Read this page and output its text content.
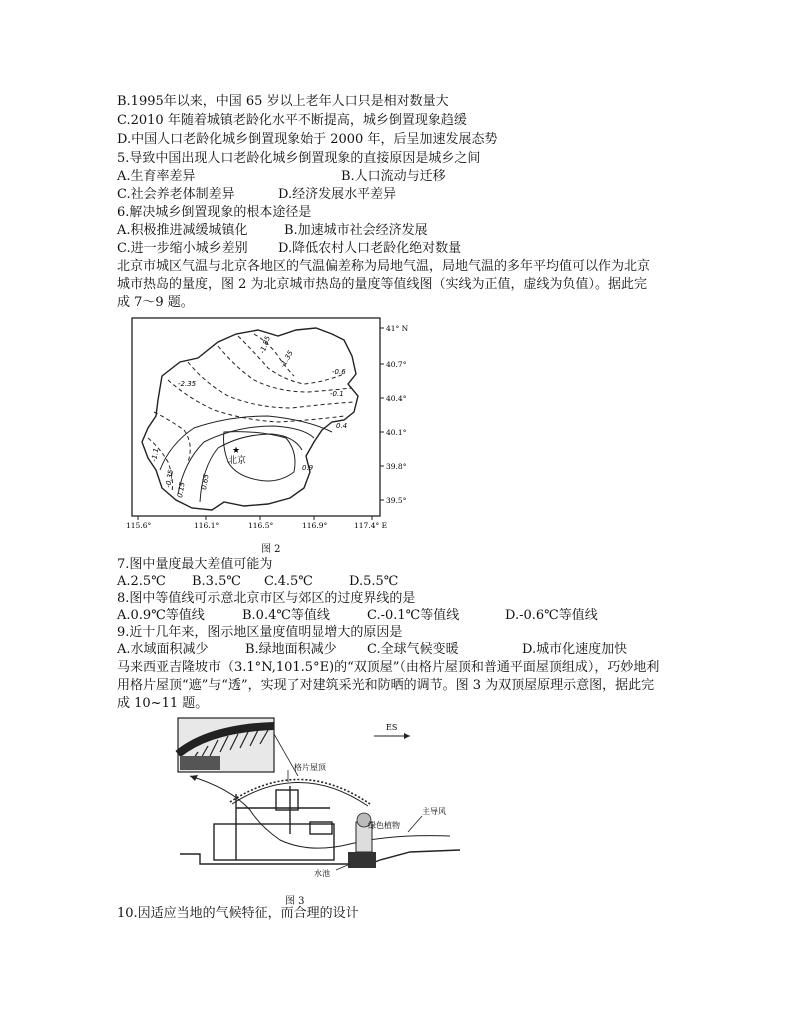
B.1995年以来，中国 65 岁以上老年人口只是相对数量大
C.2010 年随着城镇老龄化水平不断提高，城乡倒置现象趋缓
D.中国人口老龄化城乡倒置现象始于 2000 年，后呈加速发展态势
5.导致中国出现人口老龄化城乡倒置现象的直接原因是城乡之间
A.生育率差异	B.人口流动与迁移
C.社会养老体制差异	D.经济发展水平差异
6.解决城乡倒置现象的根本途径是
A.积极推进减缓城镇化	B.加速城市社会经济发展
C.进一步缩小城乡差别 D.降低农村人口老龄化绝对数量
北京市城区气温与北京各地区的气温偏差称为局地气温，局地气温的多年平均值可以作为北京
城市热岛的量度，图 2 为北京城市热岛的量度等值线图（实线为正值，虚线为负值）。据此完
成 7～9 题。
★
北京
-1.85
-1.35
-0.6
-2.35
-0.1
0.4
-1.1
-0.35
0.15 0.65
0.9
41° N
40.7°
40.4°
40.1°
39.8°
39.5°
115.6°	116.1°	116.5°	116.9°	117.4° E
图 2
7.图中量度最大差值可能为
A.2.5℃ B.3.5℃ C.4.5℃	D.5.5℃
8.图中等值线可示意北京市区与郊区的过度界线的是
A.0.9℃等值线	B.0.4℃等值线	C.-0.1℃等值线	D.-0.6℃等值线
9.近十几年来，图示地区量度值明显增大的原因是
A.水域面积减少	B.绿地面积减少 C.全球气候变暖	D.城市化速度加快
马来西亚吉隆坡市（3.1°N,101.5°E)的“双顶屋”（由格片屋顶和普通平面屋顶组成），巧妙地利
用格片屋顶“遮”与“透”，实现了对建筑采光和防晒的调节。图 3 为双顶屋原理示意图，据此完
成 10~11 题。
ES
格片屋顶
主导风
绿色植物
水池
图 3
10.因适应当地的气候特征，而合理的设计
